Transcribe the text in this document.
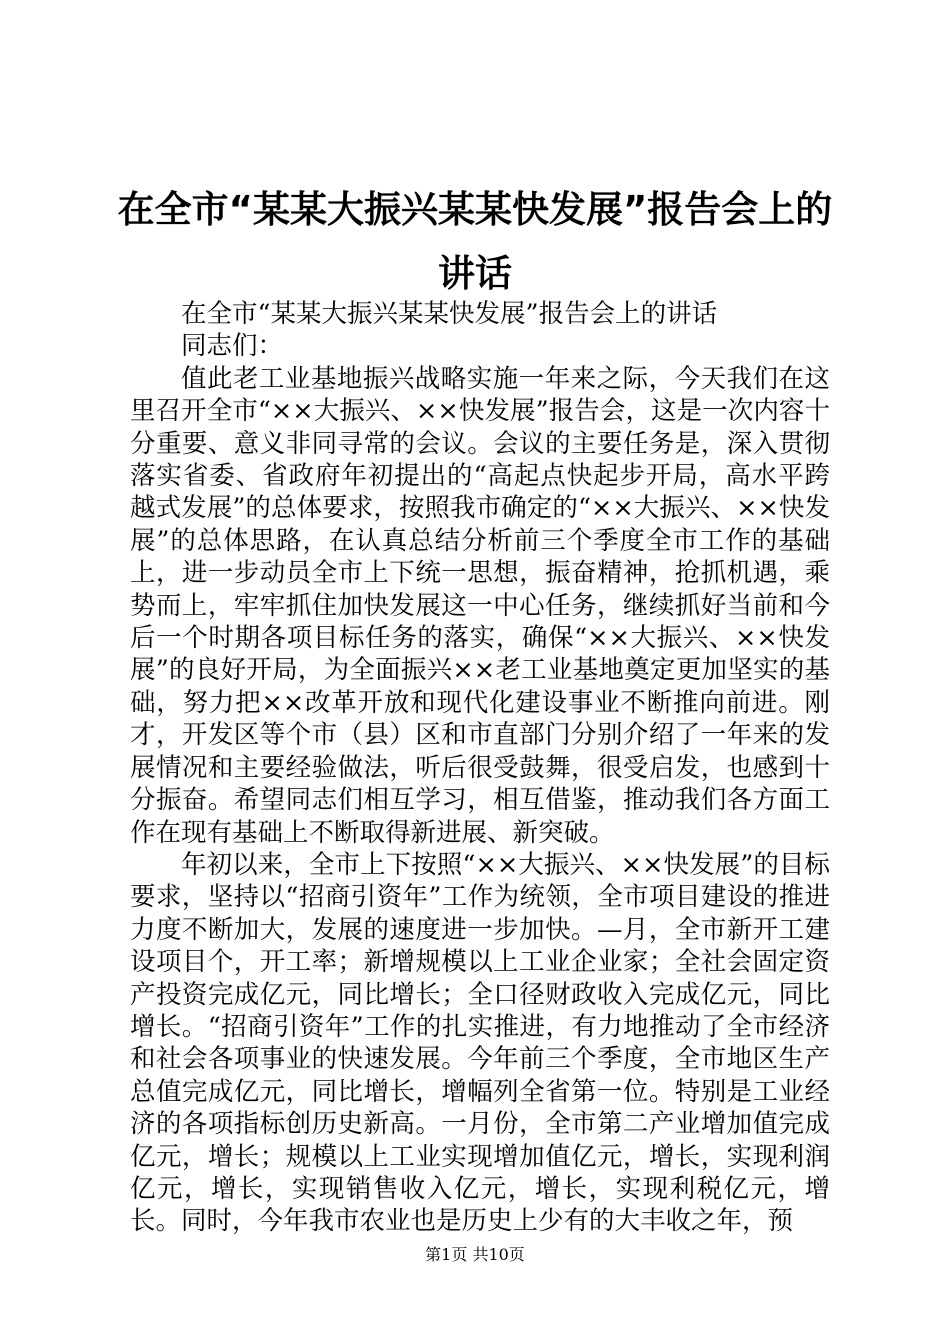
在全市“某某大振兴某某快发展”报告会上的
讲话

在全市“某某大振兴某某快发展”报告会上的讲话

同志们：

值此老工业基地振兴战略实施一年来之际，今天我们在这里召开全市“××大振兴、××快发展”报告会，这是一次内容十分重要、意义非同寻常的会议。会议的主要任务是，深入贯彻落实省委、省政府年初提出的“高起点快起步开局，高水平跨越式发展”的总体要求，按照我市确定的“××大振兴、××快发展”的总体思路，在认真总结分析前三个季度全市工作的基础上，进一步动员全市上下统一思想，振奋精神，抢抓机遇，乘势而上，牢牢抓住加快发展这一中心任务，继续抓好当前和今后一个时期各项目标任务的落实，确保“××大振兴、××快发展”的良好开局，为全面振兴××老工业基地奠定更加坚实的基础，努力把××改革开放和现代化建设事业不断推向前进。刚才，开发区等个市（县）区和市直部门分别介绍了一年来的发展情况和主要经验做法，听后很受鼓舞，很受启发，也感到十分振奋。希望同志们相互学习，相互借鉴，推动我们各方面工作在现有基础上不断取得新进展、新突破。

年初以来，全市上下按照“××大振兴、××快发展”的目标要求，坚持以“招商引资年”工作为统领，全市项目建设的推进力度不断加大，发展的速度进一步加快。—月，全市新开工建设项目个，开工率；新增规模以上工业企业家；全社会固定资产投资完成亿元，同比增长；全口径财政收入完成亿元，同比增长。“招商引资年”工作的扎实推进，有力地推动了全市经济和社会各项事业的快速发展。今年前三个季度，全市地区生产总值完成亿元，同比增长，增幅列全省第一位。特别是工业经济的各项指标创历史新高。一月份，全市第二产业增加值完成亿元，增长；规模以上工业实现增加值亿元，增长，实现利润亿元，增长，实现销售收入亿元，增长，实现利税亿元，增长。同时，今年我市农业也是历史上少有的大丰收之年，预

第1页 共10页
